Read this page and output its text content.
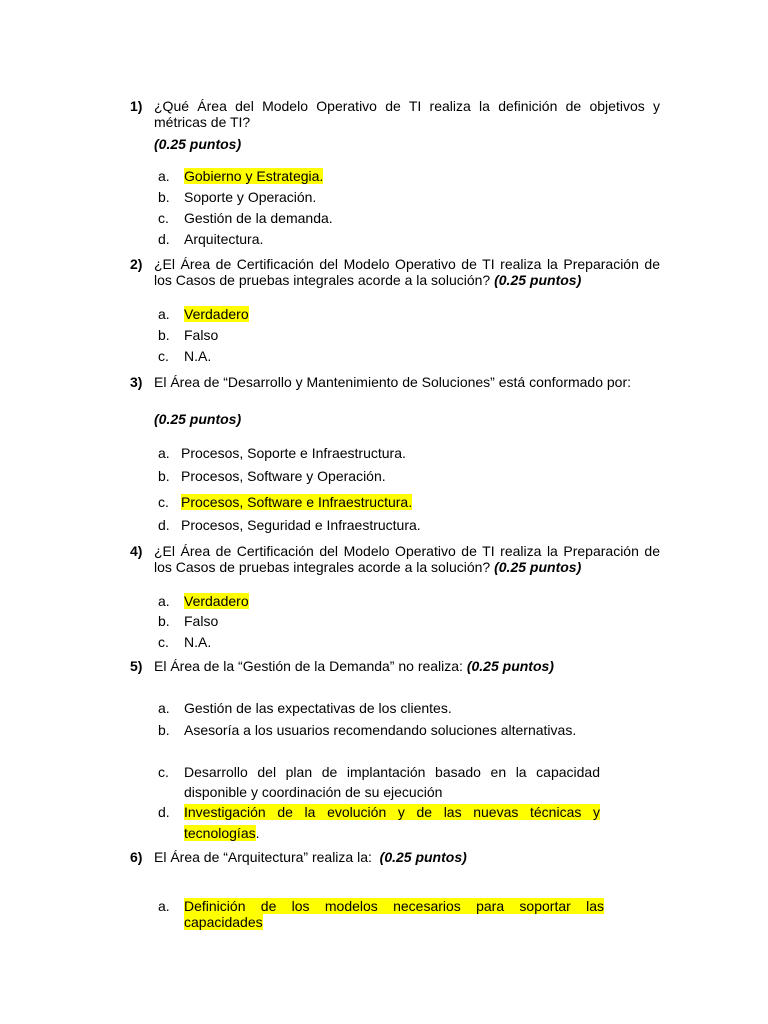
1) ¿Qué Área del Modelo Operativo de TI realiza la definición de objetivos y métricas de TI?
(0.25 puntos)
a. Gobierno y Estrategia.
b. Soporte y Operación.
c. Gestión de la demanda.
d. Arquitectura.
2) ¿El Área de Certificación del Modelo Operativo de TI realiza la Preparación de los Casos de pruebas integrales acorde a la solución? (0.25 puntos)
a. Verdadero
b. Falso
c. N.A.
3) El Área de “Desarrollo y Mantenimiento de Soluciones” está conformado por:
(0.25 puntos)
a. Procesos, Soporte e Infraestructura.
b. Procesos, Software y Operación.
c. Procesos, Software e Infraestructura.
d. Procesos, Seguridad e Infraestructura.
4) ¿El Área de Certificación del Modelo Operativo de TI realiza la Preparación de los Casos de pruebas integrales acorde a la solución? (0.25 puntos)
a. Verdadero
b. Falso
c. N.A.
5) El Área de la “Gestión de la Demanda” no realiza: (0.25 puntos)
a. Gestión de las expectativas de los clientes.
b. Asesoría a los usuarios recomendando soluciones alternativas.
c. Desarrollo del plan de implantación basado en la capacidad disponible y coordinación de su ejecución
d. Investigación de la evolución y de las nuevas técnicas y tecnologías.
6) El Área de “Arquitectura” realiza la: (0.25 puntos)
a. Definición de los modelos necesarios para soportar las capacidades
